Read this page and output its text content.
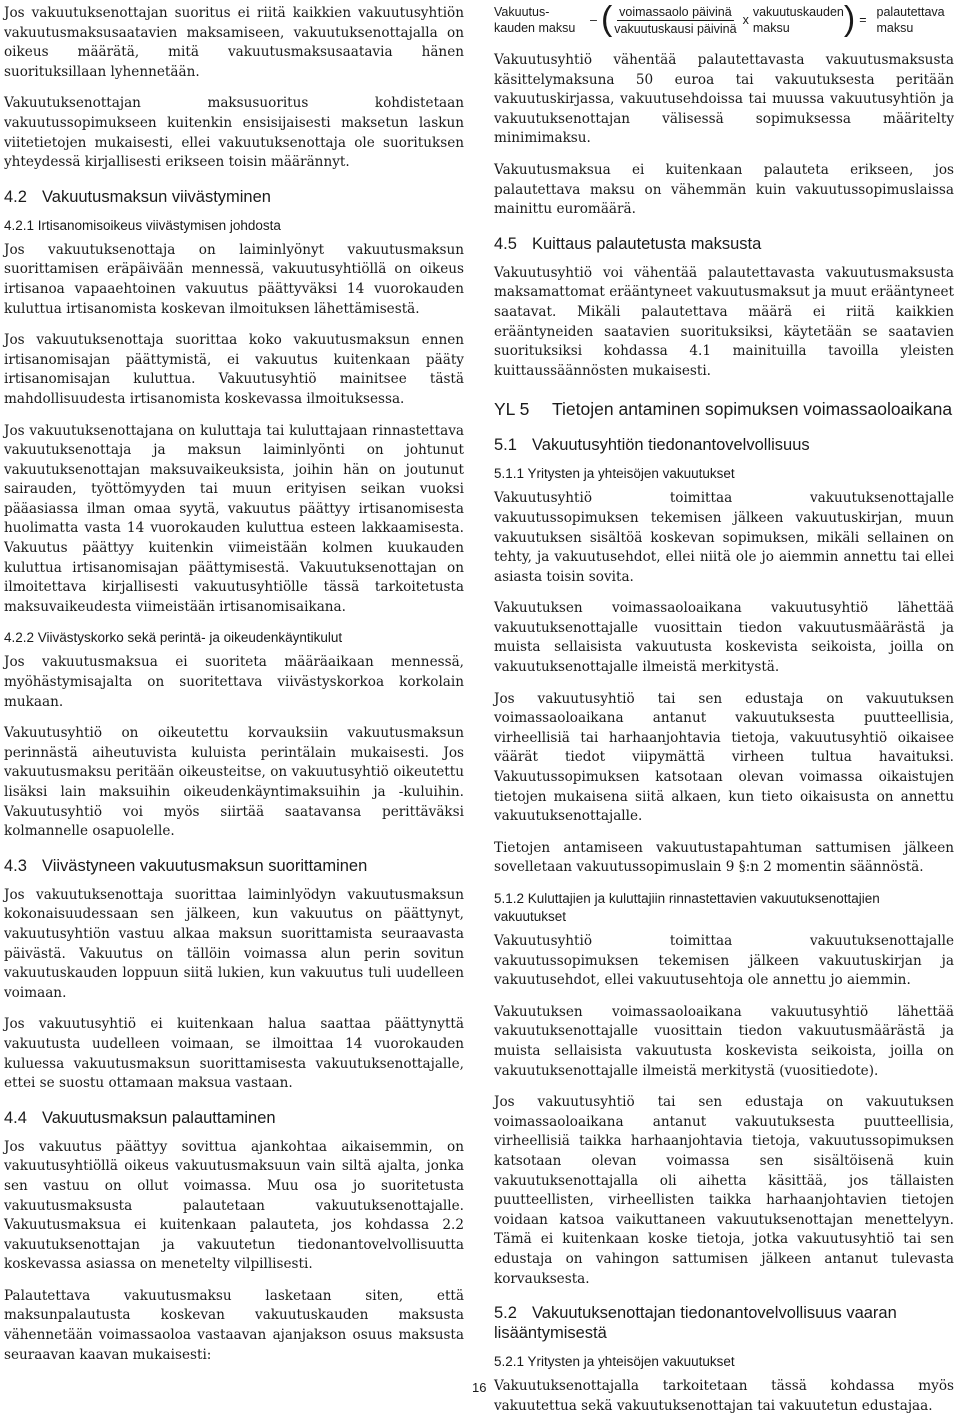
Jos vakuutuksenottajan suoritus ei riitä kaikkien vakuutusyhtiön vakuutusmaksusaatavien maksamiseen, vakuutuksenottajalla on oikeus määrätä, mitä vakuutusmaksusaatavia hänen suorituksillaan lyhennetään.

Vakuutuksenottajan maksusuoritus kohdistetaan vakuutussopimukseen kuitenkin ensisijaisesti maksetun laskun viitetietojen mukaisesti, ellei vakuutuksenottaja ole suorituksen yhteydessä kirjallisesti erikseen toisin määrännyt.

4.2 Vakuutusmaksun viivästyminen
4.2.1 Irtisanomisoikeus viivästymisen johdosta

Jos vakuutuksenottaja on laiminlyönyt vakuutusmaksun suorittamisen eräpäivään mennessä, vakuutusyhtiöllä on oikeus irtisanoa vapaaehtoinen vakuutus päättyväksi 14 vuorokauden kuluttua irtisanomista koskevan ilmoituksen lähettämisestä.

Jos vakuutuksenottaja suorittaa koko vakuutusmaksun ennen irtisanomisajan päättymistä, ei vakuutus kuitenkaan pääty irtisanomisajan kuluttua. Vakuutusyhtiö mainitsee tästä mahdollisuudesta irtisanomista koskevassa ilmoituksessa.

Jos vakuutuksenottajana on kuluttaja tai kuluttajaan rinnastettava vakuutuksenottaja ja maksun laiminlyönti on johtunut vakuutuksenottajan maksuvaikeuksista, joihin hän on joutunut sairauden, työttömyyden tai muun erityisen seikan vuoksi pääasiassa ilman omaa syytä, vakuutus päättyy irtisanomisesta huolimatta vasta 14 vuorokauden kuluttua esteen lakkaamisesta. Vakuutus päättyy kuitenkin viimeistään kolmen kuukauden kuluttua irtisanomisajan päättymisestä. Vakuutuksenottajan on ilmoitettava kirjallisesti vakuutusyhtiölle tässä tarkoitetusta maksuvaikeudesta viimeistään irtisanomisaikana.

4.2.2 Viivästyskorko sekä perintä- ja oikeudenkäyntikulut

Jos vakuutusmaksua ei suoriteta määräaikaan mennessä, myöhästymisajalta on suoritettava viivästyskorkoa korkolain mukaan.

Vakuutusyhtiö on oikeutettu korvauksiin vakuutusmaksun perinnästä aiheutuvista kuluista perintälain mukaisesti. Jos vakuutusmaksu peritään oikeusteitse, on vakuutusyhtiö oikeutettu lisäksi lain maksuihin oikeudenkäyntimaksuihin ja -kuluihin. Vakuutusyhtiö voi myös siirtää saatavansa perittäväksi kolmannelle osapuolelle.

4.3 Viivästyneen vakuutusmaksun suorittaminen

Jos vakuutuksenottaja suorittaa laiminlyödyn vakuutusmaksun kokonaisuudessaan sen jälkeen, kun vakuutus on päättynyt, vakuutusyhtiön vastuu alkaa maksun suorittamista seuraavasta päivästä. Vakuutus on tällöin voimassa alun perin sovitun vakuutuskauden loppuun siitä lukien, kun vakuutus tuli uudelleen voimaan.

Jos vakuutusyhtiö ei kuitenkaan halua saattaa päättynyttä vakuutusta uudelleen voimaan, se ilmoittaa 14 vuorokauden kuluessa vakuutusmaksun suorittamisesta vakuutuksenottajalle, ettei se suostu ottamaan maksua vastaan.

4.4 Vakuutusmaksun palauttaminen

Jos vakuutus päättyy sovittua ajankohtaa aikaisemmin, on vakuutusyhtiöllä oikeus vakuutusmaksuun vain siltä ajalta, jonka sen vastuu on ollut voimassa. Muu osa jo suoritetusta vakuutusmaksusta palautetaan vakuutuksenottajalle. Vakuutusmaksua ei kuitenkaan palauteta, jos kohdassa 2.2 vakuutuksenottajan ja vakuutetun tiedonantovelvollisuutta koskevassa asiassa on menetelty vilpillisesti.

Palautettava vakuutusmaksu lasketaan siten, että maksunpalautusta koskevan vakuutuskauden maksusta vähennetään voimassaoloa vastaavan ajanjakson osuus maksusta seuraavan kaavan mukaisesti:

Vakuutus-
kauden maksu
– ( $\frac{\text{voimassaolo päivinä}}{\text{vakuutuskausi päivinä}}$ x
vakuutuskauden
maksu	) =
palautettava
maksu

Vakuutusyhtiö vähentää palautettavasta vakuutusmaksusta käsittelymaksuna 50 euroa tai vakuutuksesta peritään vakuutuskirjassa, vakuutusehdoissa tai muussa vakuutusyhtiön ja vakuutuksenottajan välisessä sopimuksessa määritelty minimimaksu.

Vakuutusmaksua ei kuitenkaan palauteta erikseen, jos palautettava maksu on vähemmän kuin vakuutussopimuslaissa mainittu euromäärä.

4.5 Kuittaus palautetusta maksusta

Vakuutusyhtiö voi vähentää palautettavasta vakuutusmaksusta maksamattomat erääntyneet vakuutusmaksut ja muut erääntyneet saatavat. Mikäli palautettava määrä ei riitä kaikkien erääntyneiden saatavien suorituksiksi, käytetään se saatavien suorituksiksi kohdassa 4.1 mainituilla tavoilla yleisten kuittaussäännösten mukaisesti.

YL 5	Tietojen antaminen sopimuksen voimassaoloaikana
5.1 Vakuutusyhtiön tiedonantovelvollisuus
5.1.1 Yritysten ja yhteisöjen vakuutukset

Vakuutusyhtiö toimittaa vakuutuksenottajalle vakuutussopimuksen tekemisen jälkeen vakuutuskirjan, muun vakuutuksen sisältöä koskevan sopimuksen, mikäli sellainen on tehty, ja vakuutusehdot, ellei niitä ole jo aiemmin annettu tai ellei asiasta toisin sovita.

Vakuutuksen voimassaoloaikana vakuutusyhtiö lähettää vakuutuksenottajalle vuosittain tiedon vakuutusmäärästä ja muista sellaisista vakuutusta koskevista seikoista, joilla on vakuutuksenottajalle ilmeistä merkitystä.

Jos vakuutusyhtiö tai sen edustaja on vakuutuksen voimassaoloaikana antanut vakuutuksesta puutteellisia, virheellisiä tai harhaanjohtavia tietoja, vakuutusyhtiö oikaisee väärät tiedot viipymättä virheen tultua havaituksi. Vakuutussopimuksen katsotaan olevan voimassa oikaistujen tietojen mukaisena siitä alkaen, kun tieto oikaisusta on annettu vakuutuksenottajalle.

Tietojen antamiseen vakuutustapahtuman sattumisen jälkeen sovelletaan vakuutussopimuslain 9 §:n 2 momentin säännöstä.

5.1.2 Kuluttajien ja kuluttajiin rinnastettavien vakuutuksenottajien vakuutukset

Vakuutusyhtiö toimittaa vakuutuksenottajalle vakuutussopimuksen tekemisen jälkeen vakuutuskirjan ja vakuutusehdot, ellei vakuutusehtoja ole annettu jo aiemmin.

Vakuutuksen voimassaoloaikana vakuutusyhtiö lähettää vakuutuksenottajalle vuosittain tiedon vakuutusmäärästä ja muista sellaisista vakuutusta koskevista seikoista, joilla on vakuutuksenottajalle ilmeistä merkitystä (vuositiedote).

Jos vakuutusyhtiö tai sen edustaja on vakuutuksen voimassaoloaikana antanut vakuutuksesta puutteellisia, virheellisiä taikka harhaanjohtavia tietoja, vakuutussopimuksen katsotaan olevan voimassa sen sisältöisenä kuin vakuutuksenottajalla oli aihetta käsittää, jos tällaisten puutteellisten, virheellisten taikka harhaanjohtavien tietojen voidaan katsoa vaikuttaneen vakuutuksenottajan menettelyyn. Tämä ei kuitenkaan koske tietoja, jotka vakuutusyhtiö tai sen edustaja on vahingon sattumisen jälkeen antanut tulevasta korvauksesta.

5.2 Vakuutuksenottajan tiedonantovelvollisuus vaaran lisääntymisestä
5.2.1 Yritysten ja yhteisöjen vakuutukset

Vakuutuksenottajalla tarkoitetaan tässä kohdassa myös vakuutettua sekä vakuutuksenottajan tai vakuutetun edustajaa.

16
